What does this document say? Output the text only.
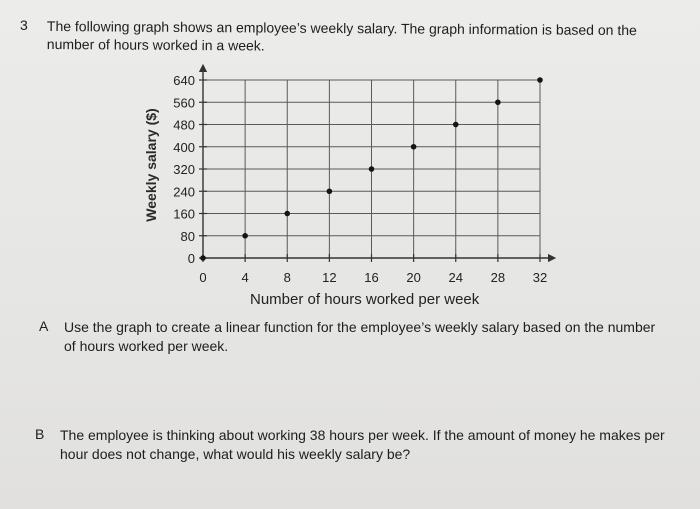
3 The following graph shows an employee’s weekly salary. The graph information is based on the number of hours worked in a week.
Weekly salary ($)
0
80
160
240
320
400
480
560
640
0	4	8 12 16 20 24 28 32
Number of hours worked per week
A Use the graph to create a linear function for the employee’s weekly salary based on the number of hours worked per week.
B The employee is thinking about working 38 hours per week. If the amount of money he makes per hour does not change, what would his weekly salary be?
